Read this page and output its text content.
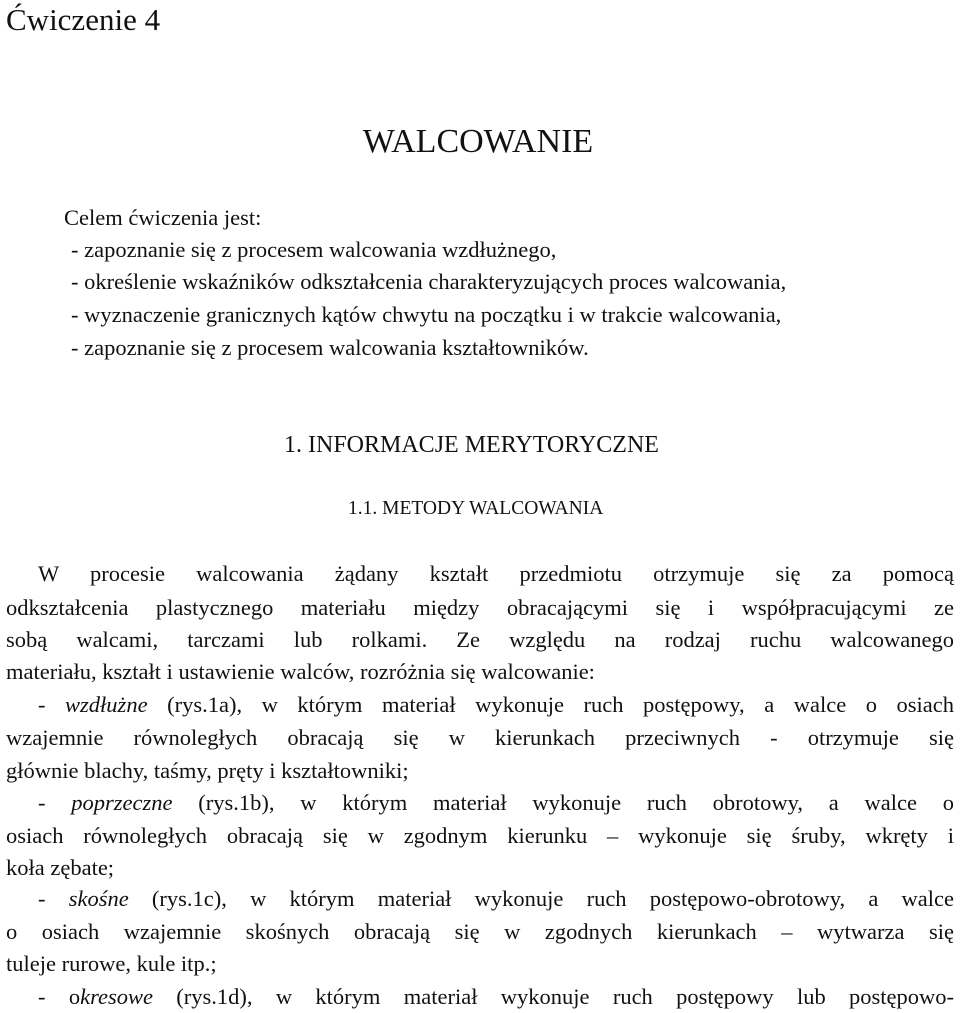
Ćwiczenie 4
WALCOWANIE
Celem ćwiczenia jest:
- zapoznanie się z procesem walcowania wzdłużnego,
- określenie wskaźników odkształcenia charakteryzujących proces walcowania,
- wyznaczenie granicznych kątów chwytu na początku i w trakcie walcowania,
- zapoznanie się z procesem walcowania kształtowników.
1. INFORMACJE MERYTORYCZNE
1.1. METODY WALCOWANIA
W procesie walcowania żądany kształt przedmiotu otrzymuje się za pomocą
odkształcenia plastycznego materiału między obracającymi się i współpracującymi ze
sobą walcami, tarczami lub rolkami. Ze względu na rodzaj ruchu walcowanego
materiału, kształt i ustawienie walców, rozróżnia się walcowanie:
- wzdłużne (rys.1a), w którym materiał wykonuje ruch postępowy, a walce o osiach
wzajemnie równoległych obracają się w kierunkach przeciwnych - otrzymuje się
głównie blachy, taśmy, pręty i kształtowniki;
- poprzeczne (rys.1b), w którym materiał wykonuje ruch obrotowy, a walce o
osiach równoległych obracają się w zgodnym kierunku – wykonuje się śruby, wkręty i
koła zębate;
- skośne (rys.1c), w którym materiał wykonuje ruch postępowo-obrotowy, a walce
o osiach wzajemnie skośnych obracają się w zgodnych kierunkach – wytwarza się
tuleje rurowe, kule itp.;
- okresowe (rys.1d), w którym materiał wykonuje ruch postępowy lub postępowo-
